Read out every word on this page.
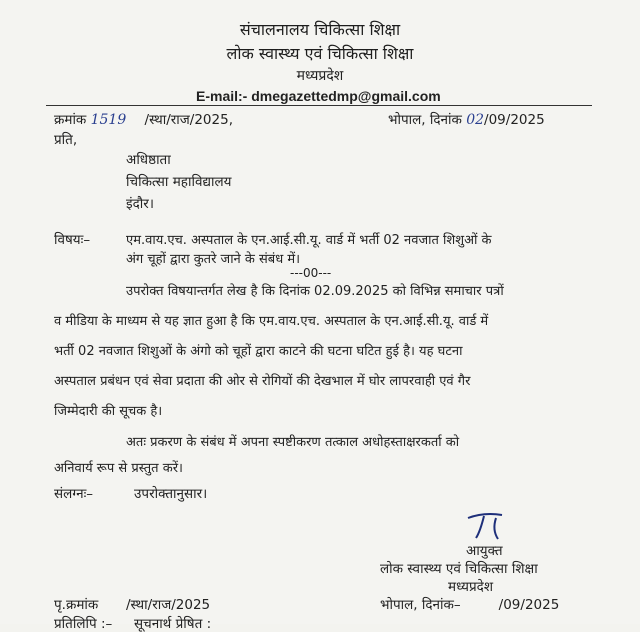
संचालनालय चिकित्सा शिक्षा
लोक स्वास्थ्य एवं चिकित्सा शिक्षा
मध्यप्रदेश
E-mail:- dmegazettedmp@gmail.com
क्रमांक 1519 /स्था/राज/2025,	भोपाल, दिनांक 02/09/2025
प्रति,
अधिष्ठाता
चिकित्सा महाविद्यालय
इंदौर।
विषयः–	एम.वाय.एच. अस्पताल के एन.आई.सी.यू. वार्ड में भर्ती 02 नवजात शिशुओं के
अंग चूहों द्वारा कुतरे जाने के संबंध में।
---00---
उपरोक्त विषयान्तर्गत लेख है कि दिनांक 02.09.2025 को विभिन्न समाचार पत्रों
व मीडिया के माध्यम से यह ज्ञात हुआ है कि एम.वाय.एच. अस्पताल के एन.आई.सी.यू. वार्ड में
भर्ती 02 नवजात शिशुओं के अंगो को चूहों द्वारा काटने की घटना घटित हुई है। यह घटना
अस्पताल प्रबंधन एवं सेवा प्रदाता की ओर से रोगियों की देखभाल में घोर लापरवाही एवं गैर
जिम्मेदारी की सूचक है।
अतः प्रकरण के संबंध में अपना स्पष्टीकरण तत्काल अधोहस्ताक्षरकर्ता को
अनिवार्य रूप से प्रस्तुत करें।
संलग्नः–	उपरोक्तानुसार।
आयुक्त
लोक स्वास्थ्य एवं चिकित्सा शिक्षा
मध्यप्रदेश
पृ.क्रमांक /स्था/राज/2025	भोपाल, दिनांक–	/09/2025
प्रतिलिपि :– सूचनार्थ प्रेषित :
